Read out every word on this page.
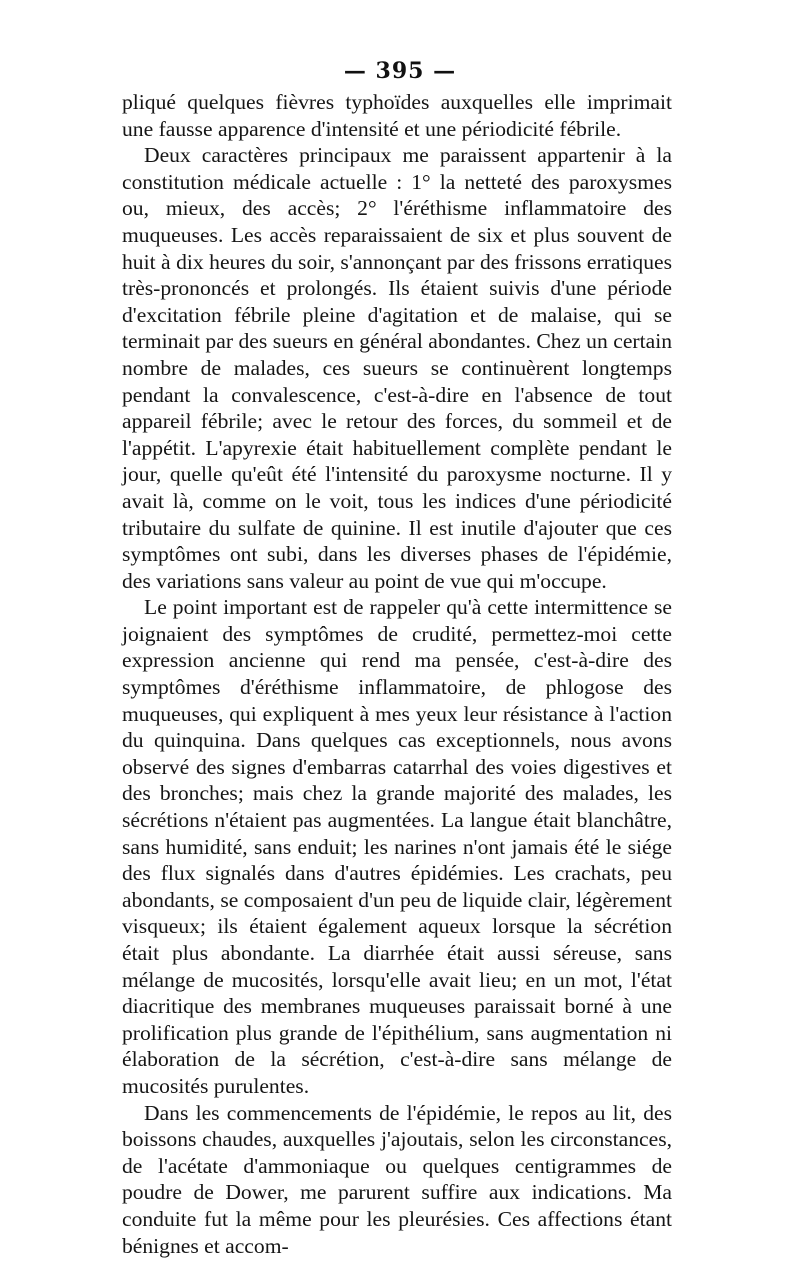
— 395 —

pliqué quelques fièvres typhoïdes auxquelles elle imprimait une fausse apparence d'intensité et une périodicité fébrile.

Deux caractères principaux me paraissent appartenir à la constitution médicale actuelle : 1° la netteté des paroxysmes ou, mieux, des accès; 2° l'éréthisme inflammatoire des muqueuses. Les accès reparaissaient de six et plus souvent de huit à dix heures du soir, s'annonçant par des frissons erratiques très-prononcés et prolongés. Ils étaient suivis d'une période d'excitation fébrile pleine d'agitation et de malaise, qui se terminait par des sueurs en général abondantes. Chez un certain nombre de malades, ces sueurs se continuèrent longtemps pendant la convalescence, c'est-à-dire en l'absence de tout appareil fébrile; avec le retour des forces, du sommeil et de l'appétit. L'apyrexie était habituellement complète pendant le jour, quelle qu'eût été l'intensité du paroxysme nocturne. Il y avait là, comme on le voit, tous les indices d'une périodicité tributaire du sulfate de quinine. Il est inutile d'ajouter que ces symptômes ont subi, dans les diverses phases de l'épidémie, des variations sans valeur au point de vue qui m'occupe.

Le point important est de rappeler qu'à cette intermittence se joignaient des symptômes de crudité, permettez-moi cette expression ancienne qui rend ma pensée, c'est-à-dire des symptômes d'éréthisme inflammatoire, de phlogose des muqueuses, qui expliquent à mes yeux leur résistance à l'action du quinquina. Dans quelques cas exceptionnels, nous avons observé des signes d'embarras catarrhal des voies digestives et des bronches; mais chez la grande majorité des malades, les sécrétions n'étaient pas augmentées. La langue était blanchâtre, sans humidité, sans enduit; les narines n'ont jamais été le siége des flux signalés dans d'autres épidémies. Les crachats, peu abondants, se composaient d'un peu de liquide clair, légèrement visqueux; ils étaient également aqueux lorsque la sécrétion était plus abondante. La diarrhée était aussi séreuse, sans mélange de mucosités, lorsqu'elle avait lieu; en un mot, l'état diacritique des membranes muqueuses paraissait borné à une prolification plus grande de l'épithélium, sans augmentation ni élaboration de la sécrétion, c'est-à-dire sans mélange de mucosités purulentes.

Dans les commencements de l'épidémie, le repos au lit, des boissons chaudes, auxquelles j'ajoutais, selon les circonstances, de l'acétate d'ammoniaque ou quelques centigrammes de poudre de Dower, me parurent suffire aux indications. Ma conduite fut la même pour les pleurésies. Ces affections étant bénignes et accom-
